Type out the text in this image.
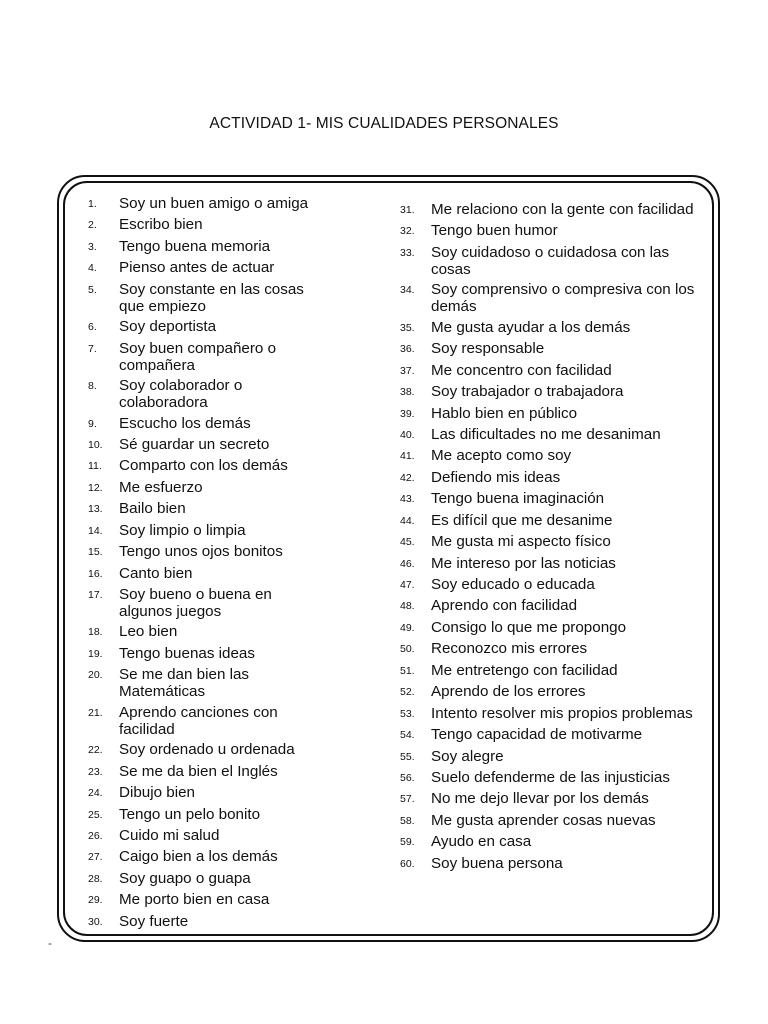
ACTIVIDAD 1- MIS CUALIDADES PERSONALES
1.	Soy un buen amigo o amiga
2.	Escribo bien
3.	Tengo buena memoria
4.	Pienso antes de actuar
5.	Soy constante en las cosas que empiezo
6.	Soy deportista
7.	Soy buen compañero o compañera
8.	Soy colaborador o colaboradora
9.	Escucho los demás
10.	Sé guardar un secreto
11.	Comparto con los demás
12.	Me esfuerzo
13.	Bailo bien
14.	Soy limpio o limpia
15.	Tengo unos ojos bonitos
16.	Canto bien
17.	Soy bueno o buena en algunos juegos
18.	Leo bien
19.	Tengo buenas ideas
20.	Se me dan bien las Matemáticas
21.	Aprendo canciones con facilidad
22.	Soy ordenado u ordenada
23.	Se me da bien el Inglés
24.	Dibujo bien
25.	Tengo un pelo bonito
26.	Cuido mi salud
27.	Caigo bien a los demás
28.	Soy guapo o guapa
29.	Me porto bien en casa
30.	Soy fuerte
31.	Me relaciono con la gente con facilidad
32.	Tengo buen humor
33.	Soy cuidadoso o cuidadosa con las cosas
34.	Soy comprensivo o compresiva con los demás
35.	Me gusta ayudar a los demás
36.	Soy responsable
37.	Me concentro con facilidad
38.	Soy trabajador o trabajadora
39.	Hablo bien en público
40.	Las dificultades no me desaniman
41.	Me acepto como soy
42.	Defiendo mis ideas
43.	Tengo buena imaginación
44.	Es difícil que me desanime
45.	Me gusta mi aspecto físico
46.	Me intereso por las noticias
47.	Soy educado o educada
48.	Aprendo con facilidad
49.	Consigo lo que me propongo
50.	Reconozco mis errores
51.	Me entretengo con facilidad
52.	Aprendo de los errores
53.	Intento resolver mis propios problemas
54.	Tengo capacidad de motivarme
55.	Soy alegre
56.	Suelo defenderme de las injusticias
57.	No me dejo llevar por los demás
58.	Me gusta aprender cosas nuevas
59.	Ayudo en casa
60.	Soy buena persona
-
